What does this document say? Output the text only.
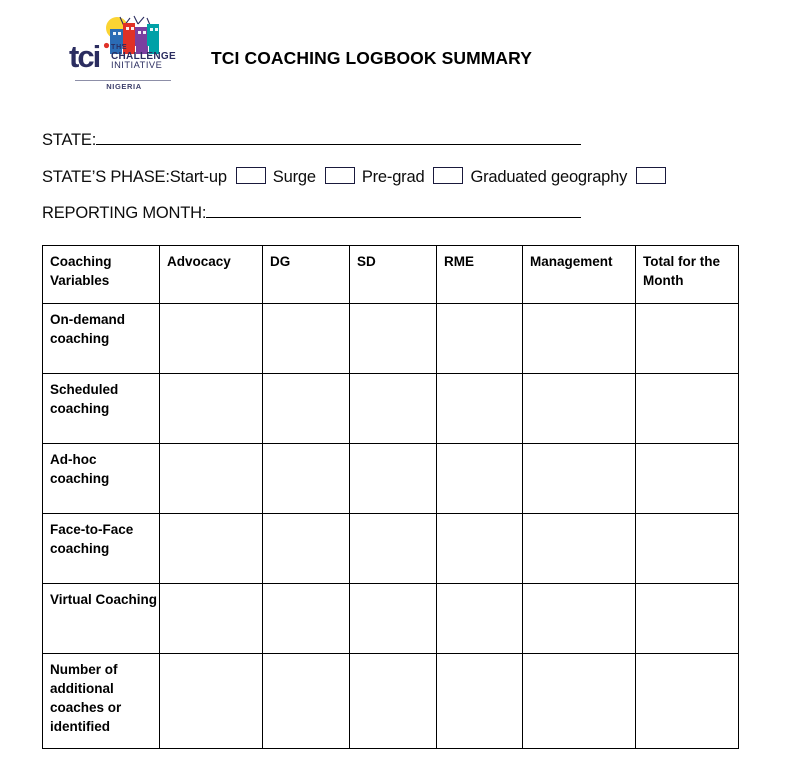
tci THE
CHALLENGE
INITIATIVE
NIGERIA
TCI COACHING LOGBOOK SUMMARY
STATE:
STATE’S PHASE:Start-up	Surge	Pre-grad	Graduated geography
REPORTING MONTH:
Coaching Variables	Advocacy	DG	SD	RME	Management	Total for the Month
On-demand coaching						
Scheduled coaching						
Ad-hoc coaching						
Face-to-Face coaching						
Virtual Coaching						
Number of additional coaches or identified						
